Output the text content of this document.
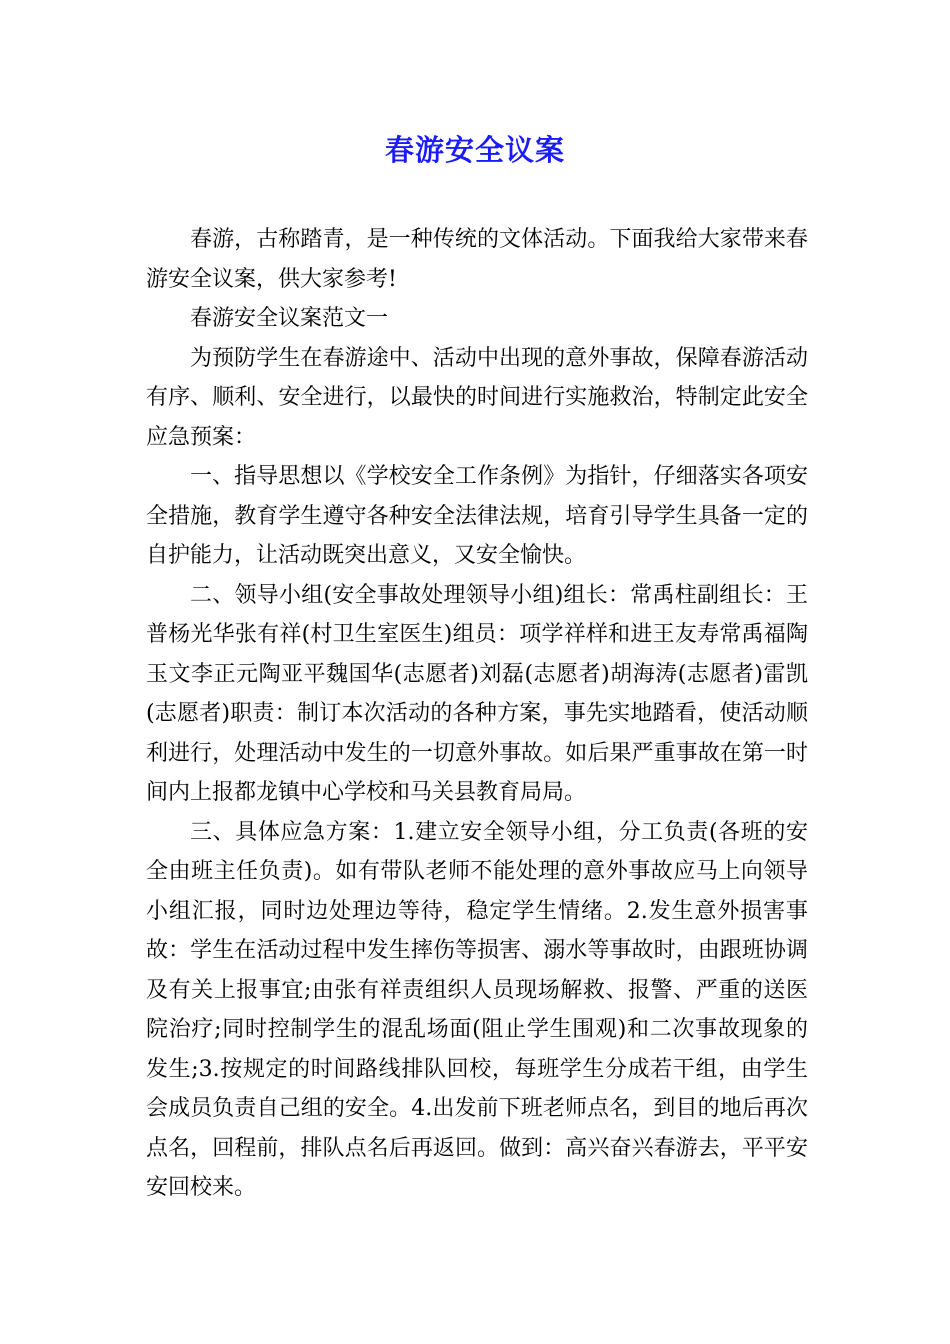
春游安全议案

春游，古称踏青，是一种传统的文体活动。下面我给大家带来春游安全议案，供大家参考!

春游安全议案范文一

为预防学生在春游途中、活动中出现的意外事故，保障春游活动有序、顺利、安全进行，以最快的时间进行实施救治，特制定此安全应急预案：

一、指导思想以《学校安全工作条例》为指针，仔细落实各项安全措施，教育学生遵守各种安全法律法规，培育引导学生具备一定的自护能力，让活动既突出意义，又安全愉快。

二、领导小组(安全事故处理领导小组)组长：常禹柱副组长：王普杨光华张有祥(村卫生室医生)组员：项学祥样和进王友寿常禹福陶玉文李正元陶亚平魏国华(志愿者)刘磊(志愿者)胡海涛(志愿者)雷凯(志愿者)职责：制订本次活动的各种方案，事先实地踏看，使活动顺利进行，处理活动中发生的一切意外事故。如后果严重事故在第一时间内上报都龙镇中心学校和马关县教育局局。

三、具体应急方案：1.建立安全领导小组，分工负责(各班的安全由班主任负责)。如有带队老师不能处理的意外事故应马上向领导小组汇报，同时边处理边等待，稳定学生情绪。2.发生意外损害事故：学生在活动过程中发生摔伤等损害、溺水等事故时，由跟班协调及有关上报事宜;由张有祥责组织人员现场解救、报警、严重的送医院治疗;同时控制学生的混乱场面(阻止学生围观)和二次事故现象的发生;3.按规定的时间路线排队回校，每班学生分成若干组，由学生会成员负责自己组的安全。4.出发前下班老师点名，到目的地后再次点名，回程前，排队点名后再返回。做到：高兴奋兴春游去，平平安安回校来。
